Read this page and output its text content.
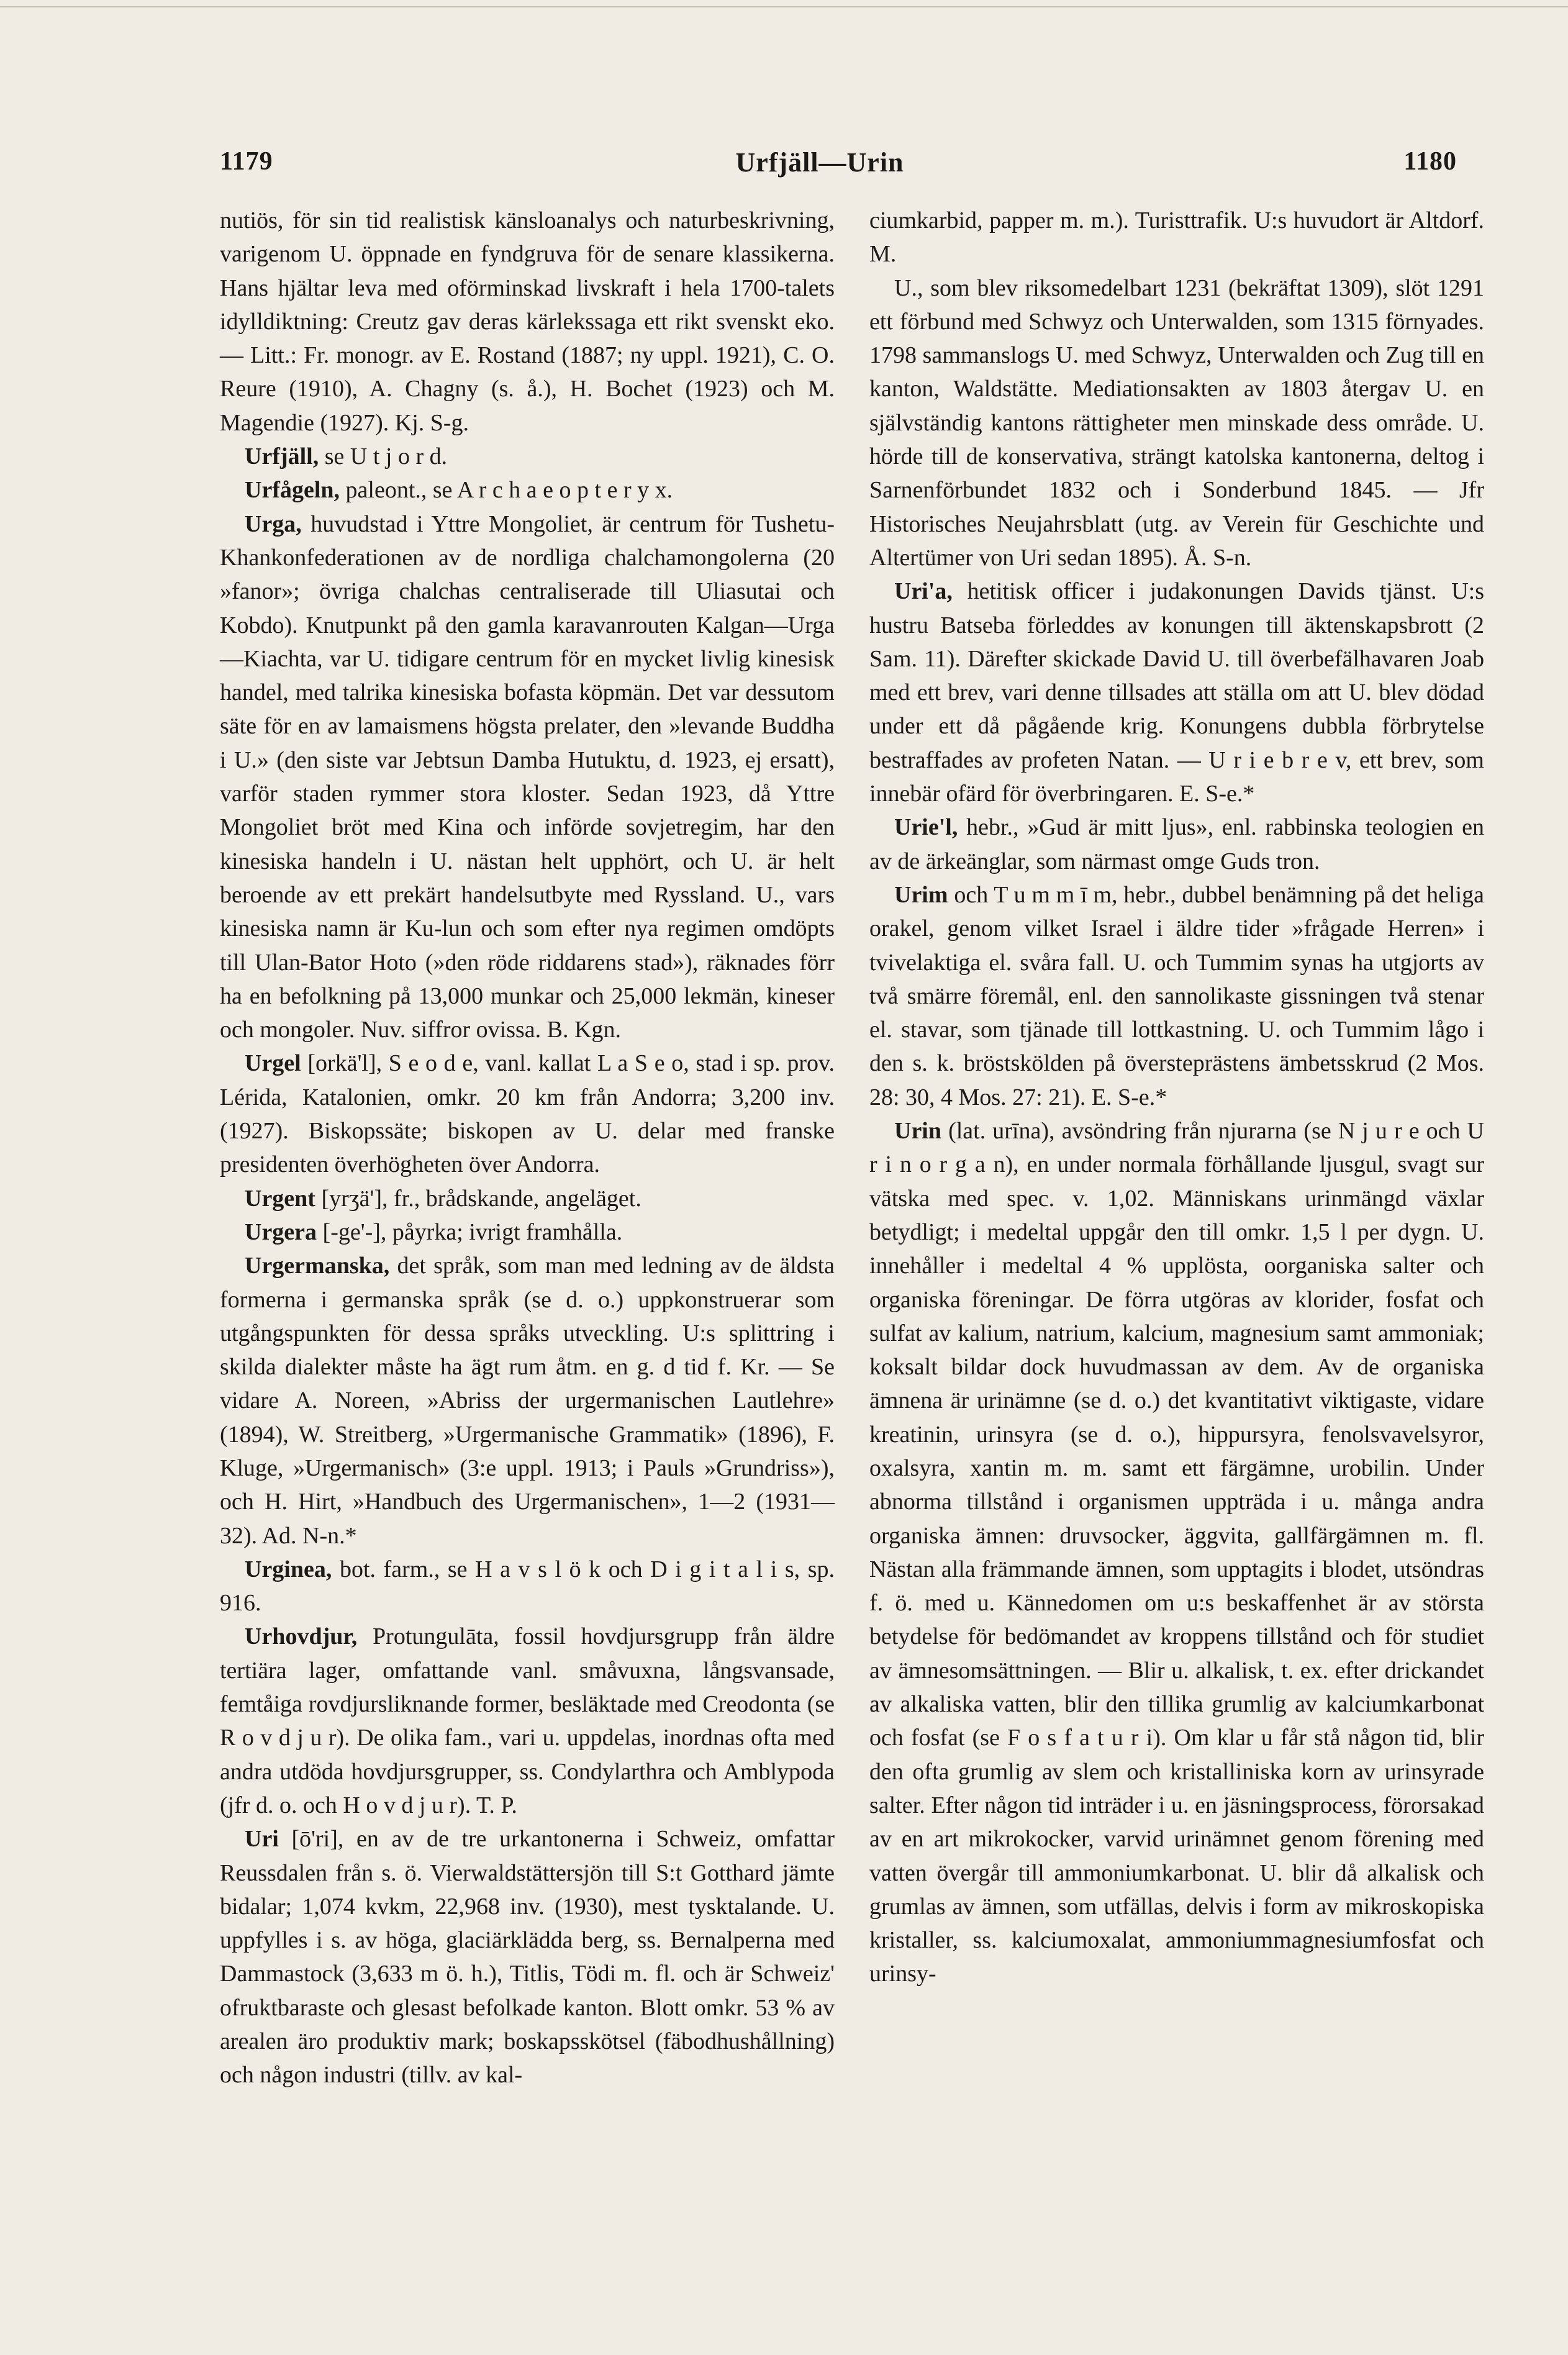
1179	Urfjäll—Urin	1180

nutiös, för sin tid realistisk känsloanalys och naturbeskrivning, varigenom U. öppnade en fyndgruva för de senare klassikerna. Hans hjältar leva med oförminskad livskraft i hela 1700-talets idylldiktning: Creutz gav deras kärlekssaga ett rikt svenskt eko. — Litt.: Fr. monogr. av E. Rostand (1887; ny uppl. 1921), C. O. Reure (1910), A. Chagny (s. å.), H. Bochet (1923) och M. Magendie (1927). Kj. S-g.

Urfjäll, se U t j o r d.

Urfågeln, paleont., se A r c h a e o p t e r y x.

Urga, huvudstad i Yttre Mongoliet, är centrum för Tushetu-Khankonfederationen av de nordliga chalchamongolerna (20 »fanor»; övriga chalchas centraliserade till Uliasutai och Kobdo). Knutpunkt på den gamla karavanrouten Kalgan—Urga—Kiachta, var U. tidigare centrum för en mycket livlig kinesisk handel, med talrika kinesiska bofasta köpmän. Det var dessutom säte för en av lamaismens högsta prelater, den »levande Buddha i U.» (den siste var Jebtsun Damba Hutuktu, d. 1923, ej ersatt), varför staden rymmer stora kloster. Sedan 1923, då Yttre Mongoliet bröt med Kina och införde sovjetregim, har den kinesiska handeln i U. nästan helt upphört, och U. är helt beroende av ett prekärt handelsutbyte med Ryssland. U., vars kinesiska namn är Ku-lun och som efter nya regimen omdöpts till Ulan-Bator Hoto (»den röde riddarens stad»), räknades förr ha en befolkning på 13,000 munkar och 25,000 lekmän, kineser och mongoler. Nuv. siffror ovissa. B. Kgn.

Urgel [orkä'l], S e o d e, vanl. kallat L a S e o, stad i sp. prov. Lérida, Katalonien, omkr. 20 km från Andorra; 3,200 inv. (1927). Biskopssäte; biskopen av U. delar med franske presidenten överhögheten över Andorra.

Urgent [yrʒä'], fr., brådskande, angeläget.

Urgera [-ge'-], påyrka; ivrigt framhålla.

Urgermanska, det språk, som man med ledning av de äldsta formerna i germanska språk (se d. o.) uppkonstruerar som utgångspunkten för dessa språks utveckling. U:s splittring i skilda dialekter måste ha ägt rum åtm. en g. d tid f. Kr. — Se vidare A. Noreen, »Abriss der urgermanischen Lautlehre» (1894), W. Streitberg, »Urgermanische Grammatik» (1896), F. Kluge, »Urgermanisch» (3:e uppl. 1913; i Pauls »Grundriss»), och H. Hirt, »Handbuch des Urgermanischen», 1—2 (1931—32). Ad. N-n.*

Urginea, bot. farm., se H a v s l ö k och D i g i t a l i s, sp. 916.

Urhovdjur, Protungulāta, fossil hovdjursgrupp från äldre tertiära lager, omfattande vanl. småvuxna, långsvansade, femtåiga rovdjursliknande former, besläktade med Creodonta (se R o v d j u r). De olika fam., vari u. uppdelas, inordnas ofta med andra utdöda hovdjursgrupper, ss. Condylarthra och Amblypoda (jfr d. o. och H o v d j u r). T. P.

Uri [ō'ri], en av de tre urkantonerna i Schweiz, omfattar Reussdalen från s. ö. Vierwaldstättersjön till S:t Gotthard jämte bidalar; 1,074 kvkm, 22,968 inv. (1930), mest tysktalande. U. uppfylles i s. av höga, glaciärklädda berg, ss. Bernalperna med Dammastock (3,633 m ö. h.), Titlis, Tödi m. fl. och är Schweiz' ofruktbaraste och glesast befolkade kanton. Blott omkr. 53 % av arealen äro produktiv mark; boskapsskötsel (fäbodhushållning) och någon industri (tillv. av kal-

ciumkarbid, papper m. m.). Turisttrafik. U:s huvudort är Altdorf. M.

U., som blev riksomedelbart 1231 (bekräftat 1309), slöt 1291 ett förbund med Schwyz och Unterwalden, som 1315 förnyades. 1798 sammanslogs U. med Schwyz, Unterwalden och Zug till en kanton, Waldstätte. Mediationsakten av 1803 återgav U. en självständig kantons rättigheter men minskade dess område. U. hörde till de konservativa, strängt katolska kantonerna, deltog i Sarnenförbundet 1832 och i Sonderbund 1845. — Jfr Historisches Neujahrsblatt (utg. av Verein für Geschichte und Altertümer von Uri sedan 1895). Å. S-n.

Uri'a, hetitisk officer i judakonungen Davids tjänst. U:s hustru Batseba förleddes av konungen till äktenskapsbrott (2 Sam. 11). Därefter skickade David U. till överbefälhavaren Joab med ett brev, vari denne tillsades att ställa om att U. blev dödad under ett då pågående krig. Konungens dubbla förbrytelse bestraffades av profeten Natan. — U r i e b r e v, ett brev, som innebär ofärd för överbringaren. E. S-e.*

Urie'l, hebr., »Gud är mitt ljus», enl. rabbinska teologien en av de ärkeänglar, som närmast omge Guds tron.

Urim och T u m m ī m, hebr., dubbel benämning på det heliga orakel, genom vilket Israel i äldre tider »frågade Herren» i tvivelaktiga el. svåra fall. U. och Tummim synas ha utgjorts av två smärre föremål, enl. den sannolikaste gissningen två stenar el. stavar, som tjänade till lottkastning. U. och Tummim lågo i den s. k. bröstskölden på översteprästens ämbetsskrud (2 Mos. 28: 30, 4 Mos. 27: 21). E. S-e.*

Urin (lat. urīna), avsöndring från njurarna (se N j u r e och U r i n o r g a n), en under normala förhållande ljusgul, svagt sur vätska med spec. v. 1,02. Människans urinmängd växlar betydligt; i medeltal uppgår den till omkr. 1,5 l per dygn. U. innehåller i medeltal 4 % upplösta, oorganiska salter och organiska föreningar. De förra utgöras av klorider, fosfat och sulfat av kalium, natrium, kalcium, magnesium samt ammoniak; koksalt bildar dock huvudmassan av dem. Av de organiska ämnena är urinämne (se d. o.) det kvantitativt viktigaste, vidare kreatinin, urinsyra (se d. o.), hippursyra, fenolsvavelsyror, oxalsyra, xantin m. m. samt ett färgämne, urobilin. Under abnorma tillstånd i organismen uppträda i u. många andra organiska ämnen: druvsocker, äggvita, gallfärgämnen m. fl. Nästan alla främmande ämnen, som upptagits i blodet, utsöndras f. ö. med u. Kännedomen om u:s beskaffenhet är av största betydelse för bedömandet av kroppens tillstånd och för studiet av ämnesomsättningen. — Blir u. alkalisk, t. ex. efter drickandet av alkaliska vatten, blir den tillika grumlig av kalciumkarbonat och fosfat (se F o s f a t u r i). Om klar u får stå någon tid, blir den ofta grumlig av slem och kristalliniska korn av urinsyrade salter. Efter någon tid inträder i u. en jäsningsprocess, förorsakad av en art mikrokocker, varvid urinämnet genom förening med vatten övergår till ammoniumkarbonat. U. blir då alkalisk och grumlas av ämnen, som utfällas, delvis i form av mikroskopiska kristaller, ss. kalciumoxalat, ammoniummagnesiumfosfat och urinsy-
